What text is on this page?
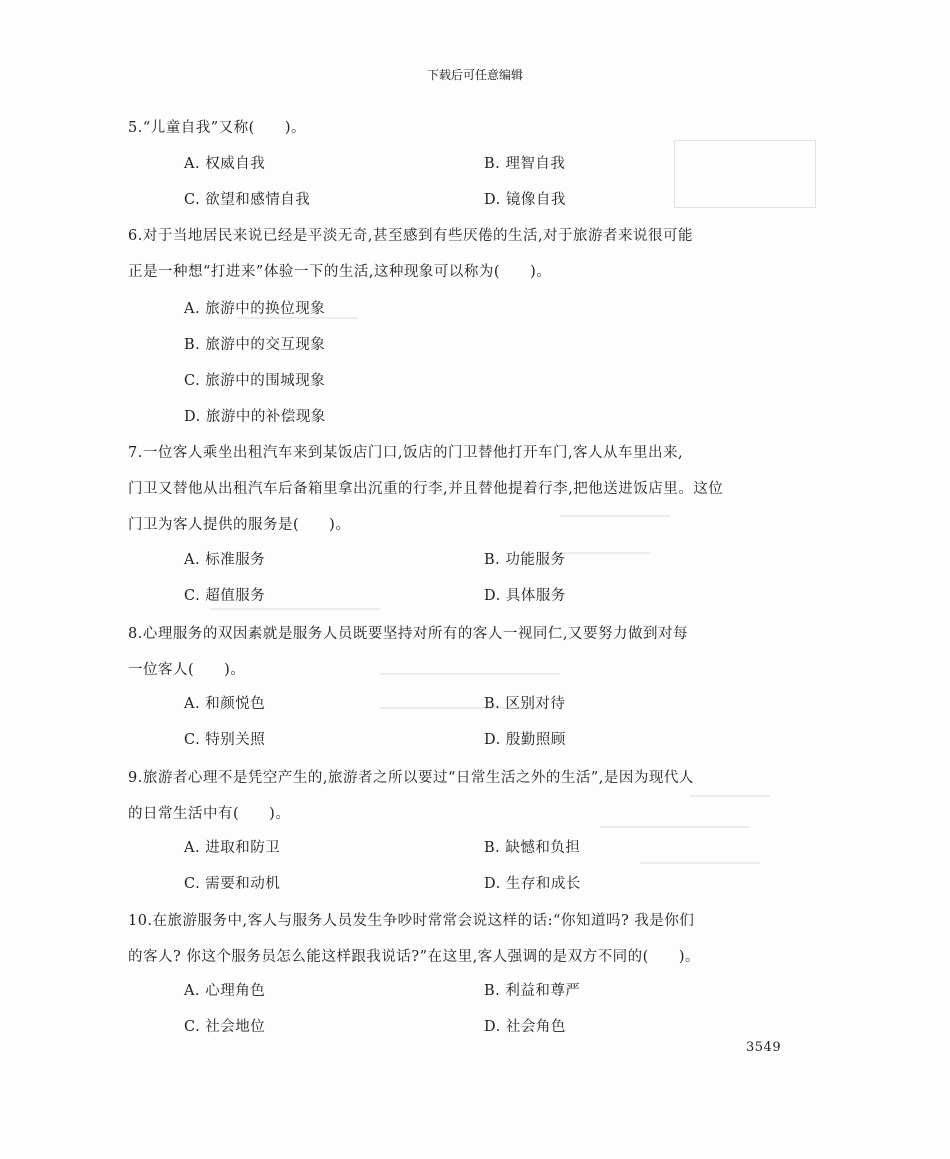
下载后可任意编辑

5.“儿童自我”又称(　　)。

A. 权威自我	B. 理智自我

C. 欲望和感情自我	D. 镜像自我

6.对于当地居民来说已经是平淡无奇,甚至感到有些厌倦的生活,对于旅游者来说很可能
正是一种想“打进来”体验一下的生活,这种现象可以称为(　　)。

A. 旅游中的换位现象

B. 旅游中的交互现象

C. 旅游中的围城现象

D. 旅游中的补偿现象

7.一位客人乘坐出租汽车来到某饭店门口,饭店的门卫替他打开车门,客人从车里出来,
门卫又替他从出租汽车后备箱里拿出沉重的行李,并且替他提着行李,把他送进饭店里。这位
门卫为客人提供的服务是(　　)。

A. 标准服务	B. 功能服务

C. 超值服务	D. 具体服务

8.心理服务的双因素就是服务人员既要坚持对所有的客人一视同仁,又要努力做到对每
一位客人(　　)。

A. 和颜悦色	B. 区别对待

C. 特别关照	D. 殷勤照顾

9.旅游者心理不是凭空产生的,旅游者之所以要过“日常生活之外的生活”,是因为现代人
的日常生活中有(　　)。

A. 进取和防卫	B. 缺憾和负担

C. 需要和动机	D. 生存和成长

10.在旅游服务中,客人与服务人员发生争吵时常常会说这样的话:“你知道吗? 我是你们
的客人? 你这个服务员怎么能这样跟我说话?”在这里,客人强调的是双方不同的(　　)。

A. 心理角色	B. 利益和尊严

C. 社会地位	D. 社会角色

3549
